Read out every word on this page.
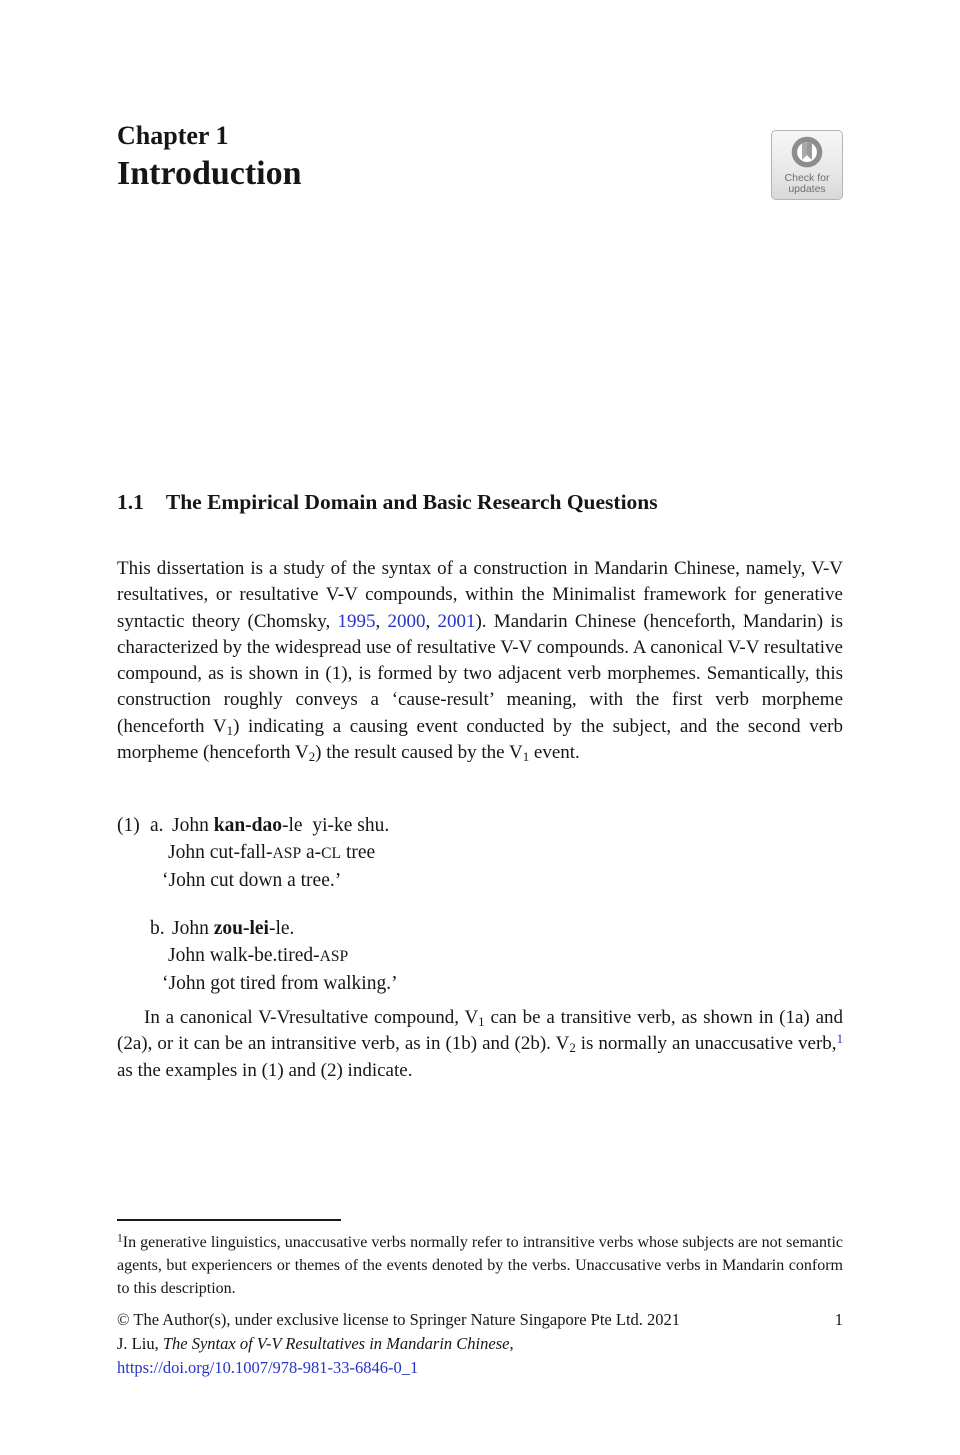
Chapter 1
Introduction	Check for
updates
1.1 The Empirical Domain and Basic Research Questions

This dissertation is a study of the syntax of a construction in Mandarin Chinese, namely, V-V resultatives, or resultative V-V compounds, within the Minimalist framework for generative syntactic theory (Chomsky, 1995, 2000, 2001). Mandarin Chinese (henceforth, Mandarin) is characterized by the widespread use of resultative V-V compounds. A canonical V-V resultative compound, as is shown in (1), is formed by two adjacent verb morphemes. Semantically, this construction roughly conveys a ‘cause-result’ meaning, with the first verb morpheme (henceforth $V_1$) indicating a causing event conducted by the subject, and the second verb morpheme (henceforth $V_2$) the result caused by the $V_1$ event.

(1) a. John kan-dao-le  yi-ke shu.
John cut-fall-ASP a-CL tree
‘John cut down a tree.’
b. John zou-lei-le.
John walk-be.tired-ASP
‘John got tired from walking.’

In a canonical V-Vresultative compound, $V_1$ can be a transitive verb, as shown in (1a) and (2a), or it can be an intransitive verb, as in (1b) and (2b). $V_2$ is normally an unaccusative verb,$^1$ as the examples in (1) and (2) indicate.

$^1$In generative linguistics, unaccusative verbs normally refer to intransitive verbs whose subjects are not semantic agents, but experiencers or themes of the events denoted by the verbs. Unaccusative verbs in Mandarin conform to this description.

© The Author(s), under exclusive license to Springer Nature Singapore Pte Ltd. 2021	1
J. Liu, The Syntax of V-V Resultatives in Mandarin Chinese,
https://doi.org/10.1007/978-981-33-6846-0_1
